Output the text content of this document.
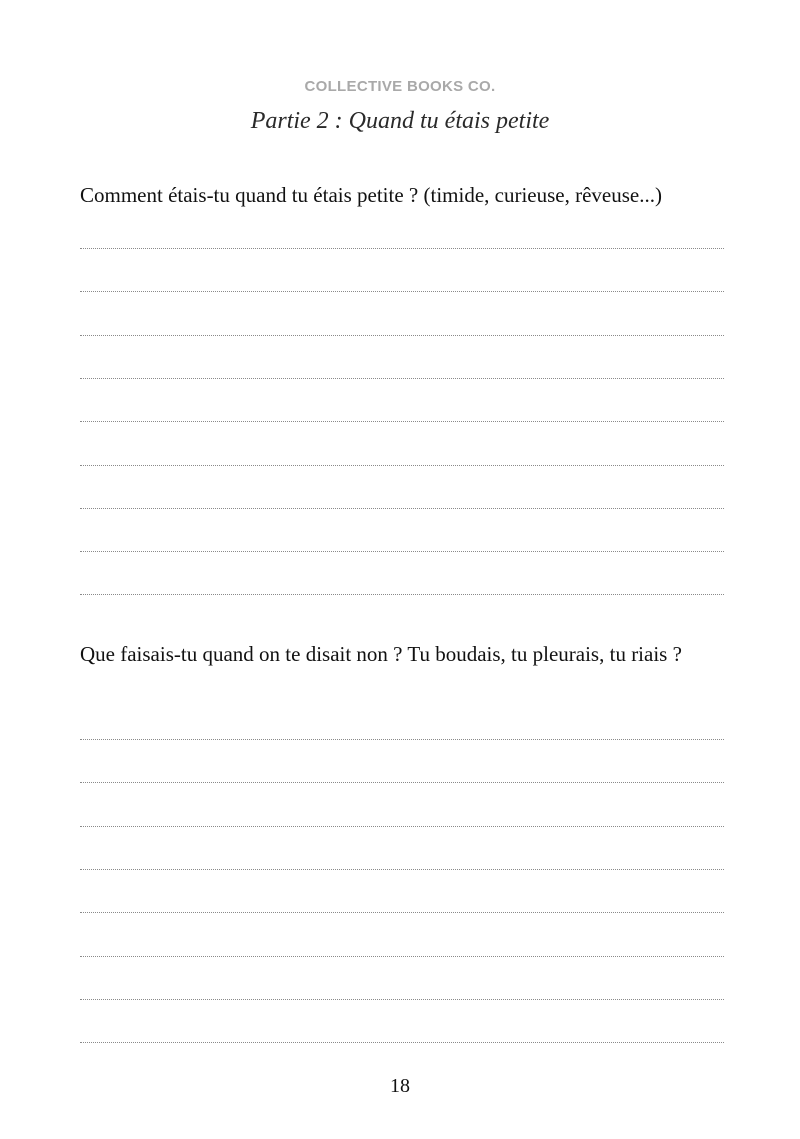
COLLECTIVE BOOKS CO.
Partie 2 : Quand tu étais petite

Comment étais-tu quand tu étais petite ? (timide, curieuse, rêveuse...)

Que faisais-tu quand on te disait non ? Tu boudais, tu pleurais, tu riais ?

18
